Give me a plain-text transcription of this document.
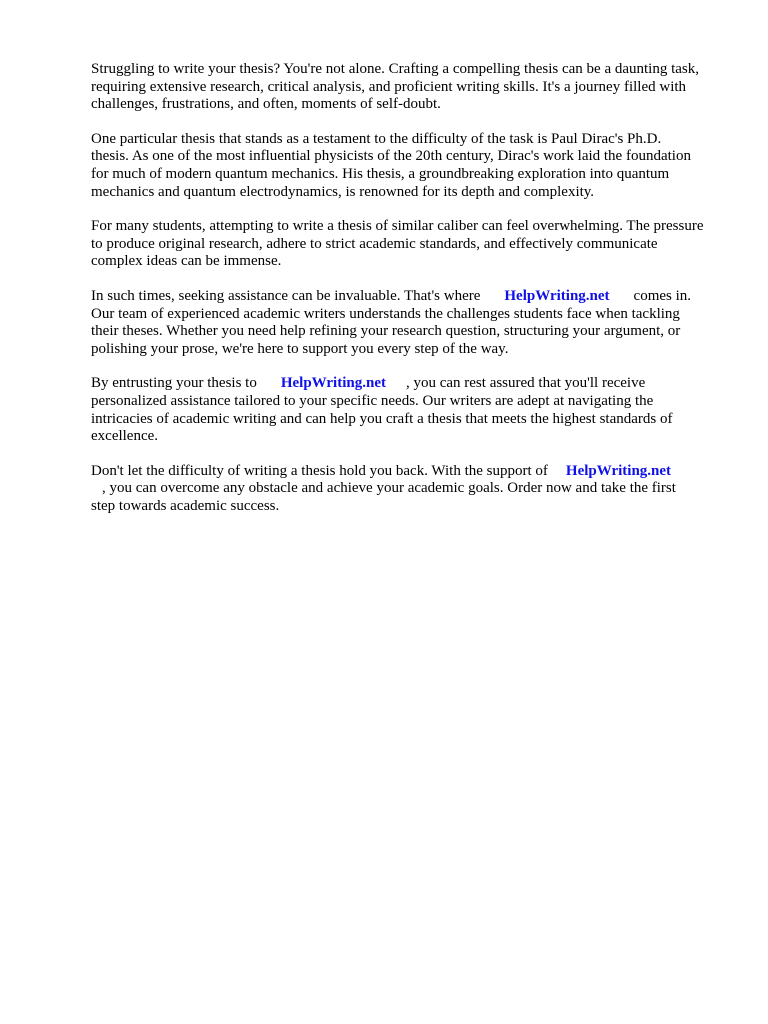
Struggling to write your thesis? You're not alone. Crafting a compelling thesis can be a daunting task,
requiring extensive research, critical analysis, and proficient writing skills. It's a journey filled with
challenges, frustrations, and often, moments of self-doubt.

One particular thesis that stands as a testament to the difficulty of the task is Paul Dirac's Ph.D.
thesis. As one of the most influential physicists of the 20th century, Dirac's work laid the foundation
for much of modern quantum mechanics. His thesis, a groundbreaking exploration into quantum
mechanics and quantum electrodynamics, is renowned for its depth and complexity.

For many students, attempting to write a thesis of similar caliber can feel overwhelming. The pressure
to produce original research, adhere to strict academic standards, and effectively communicate
complex ideas can be immense.

In such times, seeking assistance can be invaluable. That's where HelpWriting.net comes in.
Our team of experienced academic writers understands the challenges students face when tackling
their theses. Whether you need help refining your research question, structuring your argument, or
polishing your prose, we're here to support you every step of the way.

By entrusting your thesis to HelpWriting.net , you can rest assured that you'll receive
personalized assistance tailored to your specific needs. Our writers are adept at navigating the
intricacies of academic writing and can help you craft a thesis that meets the highest standards of
excellence.

Don't let the difficulty of writing a thesis hold you back. With the support of HelpWriting.net
, you can overcome any obstacle and achieve your academic goals. Order now and take the first
step towards academic success.
